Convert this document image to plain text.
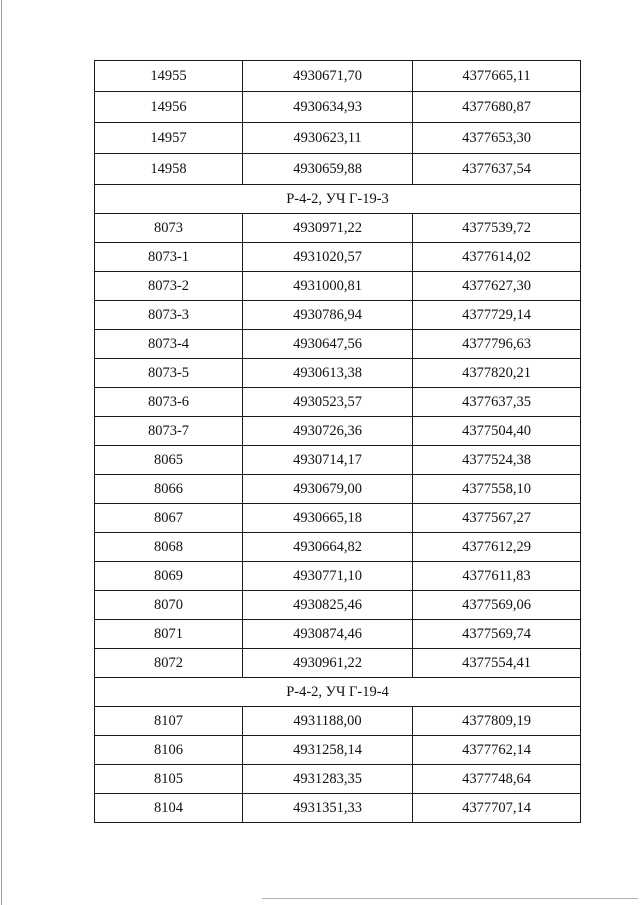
14955	4930671,70	4377665,11
14956	4930634,93	4377680,87
14957	4930623,11	4377653,30
14958	4930659,88	4377637,54
Р-4-2, УЧ Г-19-3		
8073	4930971,22	4377539,72
8073-1	4931020,57	4377614,02
8073-2	4931000,81	4377627,30
8073-3	4930786,94	4377729,14
8073-4	4930647,56	4377796,63
8073-5	4930613,38	4377820,21
8073-6	4930523,57	4377637,35
8073-7	4930726,36	4377504,40
8065	4930714,17	4377524,38
8066	4930679,00	4377558,10
8067	4930665,18	4377567,27
8068	4930664,82	4377612,29
8069	4930771,10	4377611,83
8070	4930825,46	4377569,06
8071	4930874,46	4377569,74
8072	4930961,22	4377554,41
Р-4-2, УЧ Г-19-4		
8107	4931188,00	4377809,19
8106	4931258,14	4377762,14
8105	4931283,35	4377748,64
8104	4931351,33	4377707,14
